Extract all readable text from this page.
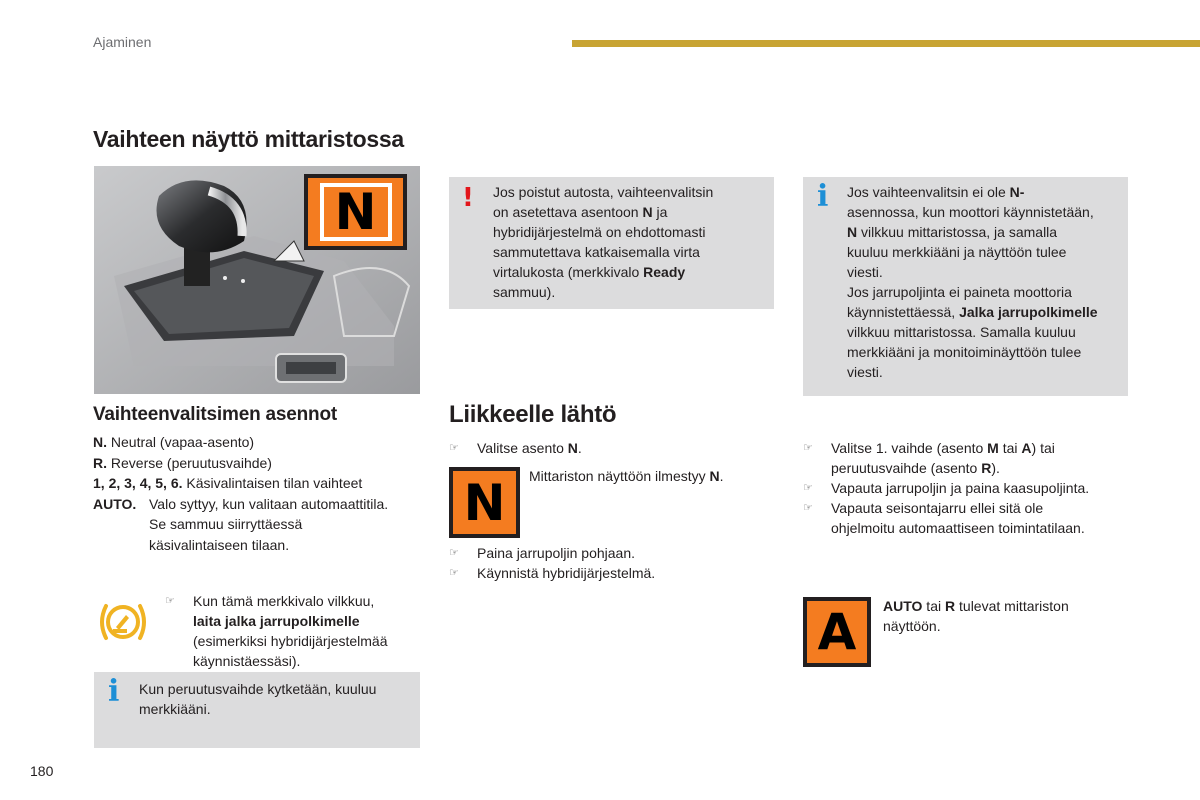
Ajaminen
Vaihteen näyttö mittaristossa
N	! Jos poistut autosta, vaihteenvalitsin
on asetettava asentoon N ja
hybridijärjestelmä on ehdottomasti
sammutettava katkaisemalla virta
virtalukosta (merkkivalo Ready
sammuu).
i Jos vaihteenvalitsin ei ole N-
asennossa, kun moottori käynnistetään,
N vilkkuu mittaristossa, ja samalla
kuuluu merkkiääni ja näyttöön tulee
viesti.
Jos jarrupoljinta ei paineta moottoria
käynnistettäessä, Jalka jarrupolkimelle
vilkkuu mittaristossa. Samalla kuuluu
merkkiääni ja monitoiminäyttöön tulee
viesti.
Vaihteenvalitsimen asennot
N. Neutral (vapaa-asento)
R. Reverse (peruutusvaihde)
1, 2, 3, 4, 5, 6. Käsivalintaisen tilan vaihteet
AUTO. Valo syttyy, kun valitaan automaattitila.
Se sammuu siirryttäessä
käsivalintaiseen tilaan.
☞ Kun tämä merkkivalo vilkkuu,
laita jalka jarrupolkimelle
(esimerkiksi hybridijärjestelmää
käynnistäessäsi).
i Kun peruutusvaihde kytketään, kuuluu
merkkiääni.
Liikkeelle lähtö
☞ Valitse asento N.
N Mittariston näyttöön ilmestyy N.
☞ Paina jarrupoljin pohjaan.
☞ Käynnistä hybridijärjestelmä.
☞ Valitse 1. vaihde (asento M tai A) tai
peruutusvaihde (asento R).
☞ Vapauta jarrupoljin ja paina kaasupoljinta.
☞ Vapauta seisontajarru ellei sitä ole
ohjelmoitu automaattiseen toimintatilaan.
A AUTO tai R tulevat mittariston
näyttöön.
180
